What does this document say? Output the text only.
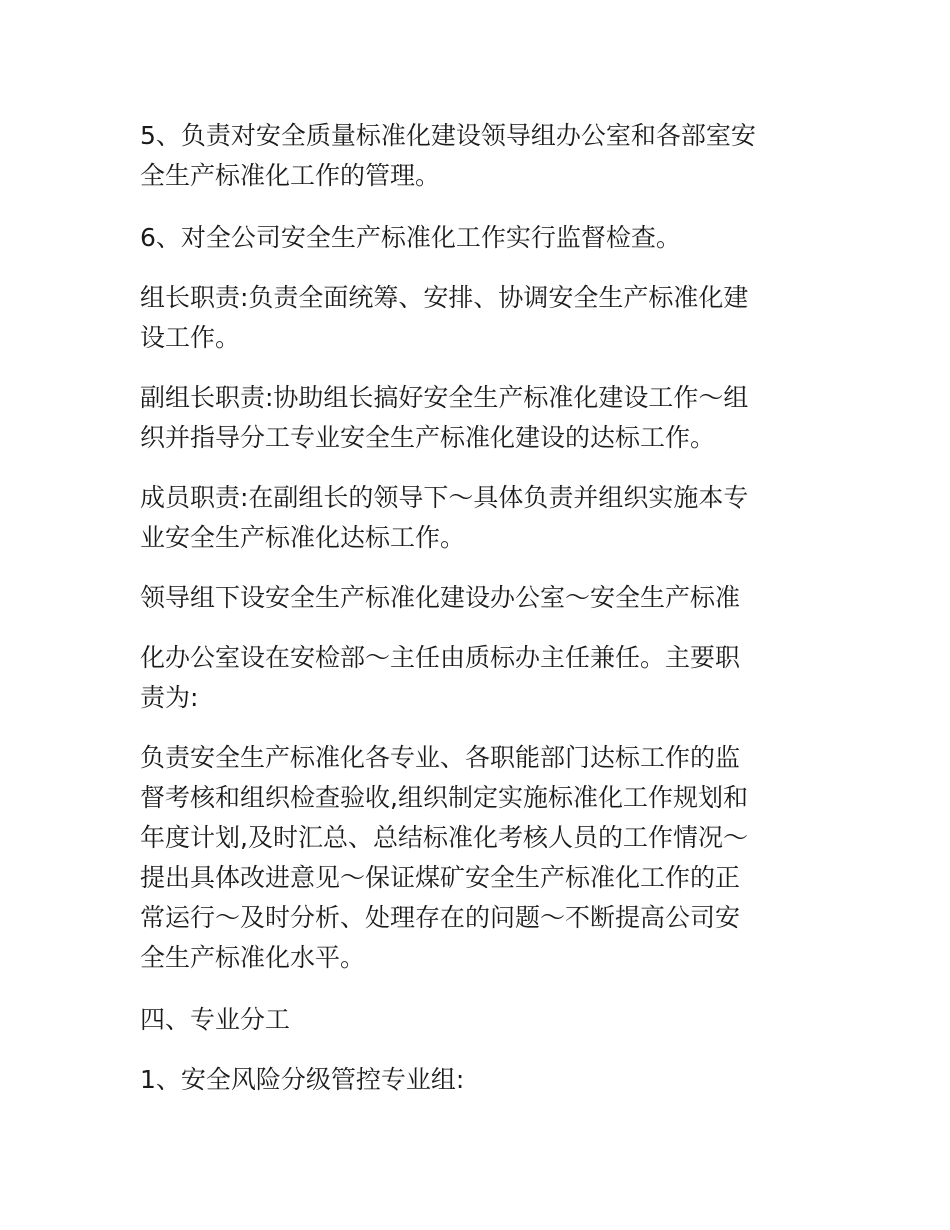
5、负责对安全质量标准化建设领导组办公室和各部室安
全生产标准化工作的管理。

6、对全公司安全生产标准化工作实行监督检查。

组长职责:负责全面统筹、安排、协调安全生产标准化建
设工作。

副组长职责:协助组长搞好安全生产标准化建设工作～组
织并指导分工专业安全生产标准化建设的达标工作。

成员职责:在副组长的领导下～具体负责并组织实施本专
业安全生产标准化达标工作。

领导组下设安全生产标准化建设办公室～安全生产标准

化办公室设在安检部～主任由质标办主任兼任。主要职
责为:

负责安全生产标准化各专业、各职能部门达标工作的监
督考核和组织检查验收,组织制定实施标准化工作规划和
年度计划,及时汇总、总结标准化考核人员的工作情况～
提出具体改进意见～保证煤矿安全生产标准化工作的正
常运行～及时分析、处理存在的问题～不断提高公司安
全生产标准化水平。

四、专业分工

1、安全风险分级管控专业组:
